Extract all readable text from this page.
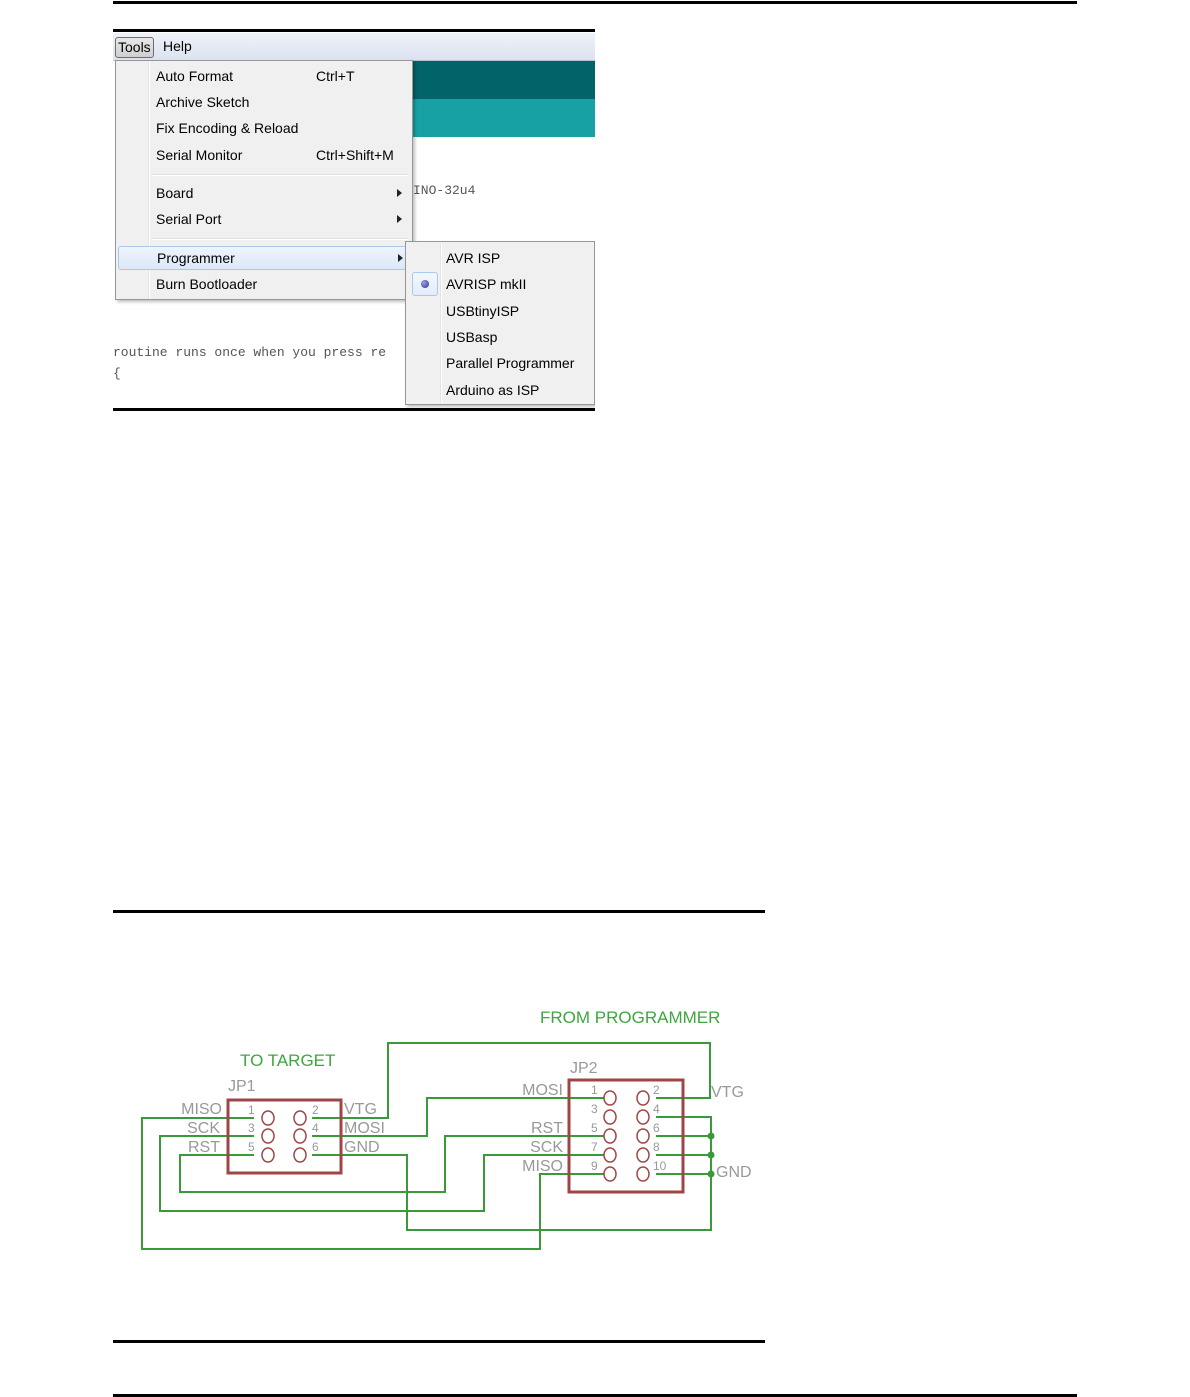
Tools Help
INO-32u4
routine runs once when you press re
{
Auto Format	Ctrl+T
Archive Sketch
Fix Encoding & Reload
Serial Monitor	Ctrl+Shift+M
Board
Serial Port
Programmer
Burn Bootloader
AVR ISP
AVRISP mkII
USBtinyISP
USBasp
Parallel Programmer
Arduino as ISP
TO TARGET
FROM PROGRAMMER
JP1
MISO
SCK
RST
VTG
MOSI
GND
1	2
3	4
5	6
JP2
MOSI
RST
SCK
MISO
VTG
GND
1	2
3	4
5	6
7	8
9	10
